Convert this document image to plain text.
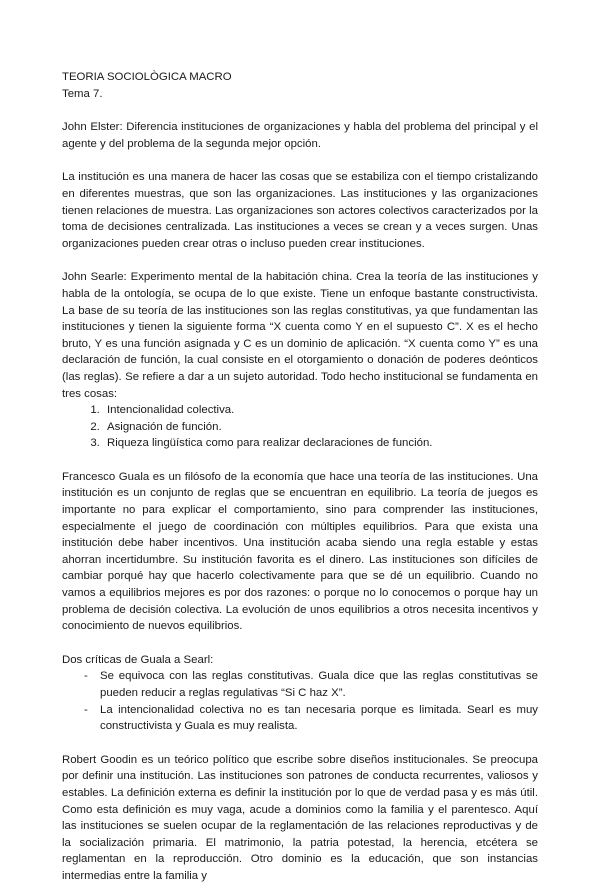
TEORIA SOCIOLÒGICA MACRO

Tema 7.

John Elster: Diferencia instituciones de organizaciones y habla del problema del principal y el agente y del problema de la segunda mejor opción.

La institución es una manera de hacer las cosas que se estabiliza con el tiempo cristalizando en diferentes muestras, que son las organizaciones. Las instituciones y las organizaciones tienen relaciones de muestra. Las organizaciones son actores colectivos caracterizados por la toma de decisiones centralizada. Las instituciones a veces se crean y a veces surgen. Unas organizaciones pueden crear otras o incluso pueden crear instituciones.

John Searle: Experimento mental de la habitación china. Crea la teoría de las instituciones y habla de la ontología, se ocupa de lo que existe. Tiene un enfoque bastante constructivista. La base de su teoría de las instituciones son las reglas constitutivas, ya que fundamentan las instituciones y tienen la siguiente forma “X cuenta como Y en el supuesto C”. X es el hecho bruto, Y es una función asignada y C es un dominio de aplicación. “X cuenta como Y” es una declaración de función, la cual consiste en el otorgamiento o donación de poderes deónticos (las reglas). Se refiere a dar a un sujeto autoridad. Todo hecho institucional se fundamenta en tres cosas:

1. Intencionalidad colectiva.
2. Asignación de función.
3. Riqueza lingüística como para realizar declaraciones de función.

Francesco Guala es un filósofo de la economía que hace una teoría de las instituciones. Una institución es un conjunto de reglas que se encuentran en equilibrio. La teoría de juegos es importante no para explicar el comportamiento, sino para comprender las instituciones, especialmente el juego de coordinación con múltiples equilibrios. Para que exista una institución debe haber incentivos. Una institución acaba siendo una regla estable y estas ahorran incertidumbre. Su institución favorita es el dinero. Las instituciones son difíciles de cambiar porqué hay que hacerlo colectivamente para que se dé un equilibrio. Cuando no vamos a equilibrios mejores es por dos razones: o porque no lo conocemos o porque hay un problema de decisión colectiva. La evolución de unos equilibrios a otros necesita incentivos y conocimiento de nuevos equilibrios.

Dos críticas de Guala a Searl:

- Se equivoca con las reglas constitutivas. Guala dice que las reglas constitutivas se pueden reducir a reglas regulativas “Si C haz X”.
- La intencionalidad colectiva no es tan necesaria porque es limitada. Searl es muy constructivista y Guala es muy realista.

Robert Goodin es un teórico político que escribe sobre diseños institucionales. Se preocupa por definir una institución. Las instituciones son patrones de conducta recurrentes, valiosos y estables. La definición externa es definir la institución por lo que de verdad pasa y es más útil. Como esta definición es muy vaga, acude a dominios como la familia y el parentesco. Aquí las instituciones se suelen ocupar de la reglamentación de las relaciones reproductivas y de la socialización primaria. El matrimonio, la patria potestad, la herencia, etcétera se reglamentan en la reproducción. Otro dominio es la educación, que son instancias intermedias entre la familia y
